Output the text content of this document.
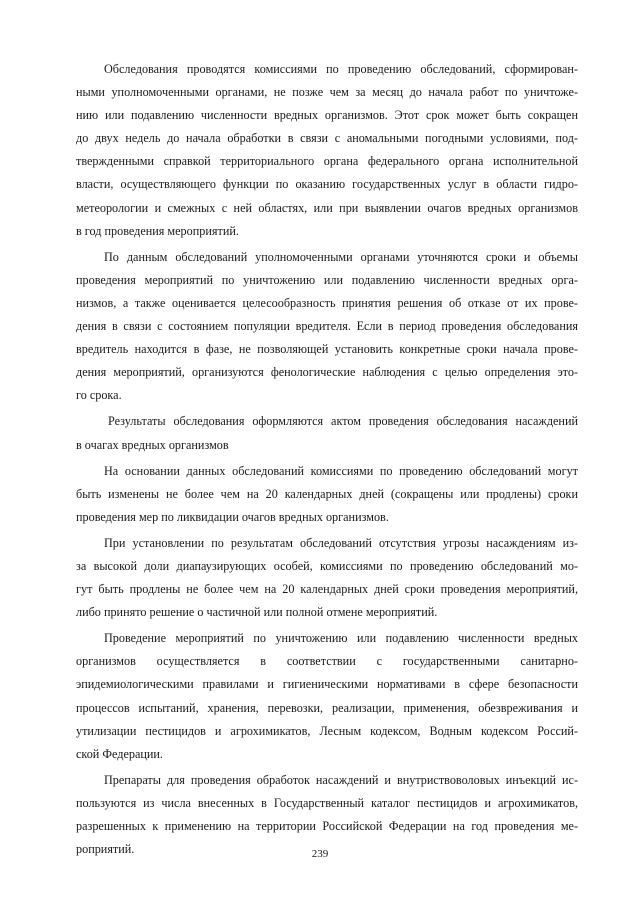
Обследования проводятся комиссиями по проведению обследований, сформирован-
ными уполномоченными органами, не позже чем за месяц до начала работ по уничтоже-
нию или подавлению численности вредных организмов. Этот срок может быть сокращен
до двух недель до начала обработки в связи с аномальными погодными условиями, под-
твержденными справкой территориального органа федерального органа исполнительной
власти, осуществляющего функции по оказанию государственных услуг в области гидро-
метеорологии и смежных с ней областях, или при выявлении очагов вредных организмов
в год проведения мероприятий.
По данным обследований уполномоченными органами уточняются сроки и объемы
проведения мероприятий по уничтожению или подавлению численности вредных орга-
низмов, а также оценивается целесообразность принятия решения об отказе от их прове-
дения в связи с состоянием популяции вредителя. Если в период проведения обследования
вредитель находится в фазе, не позволяющей установить конкретные сроки начала прове-
дения мероприятий, организуются фенологические наблюдения с целью определения это-
го срока.
Результаты обследования оформляются актом проведения обследования насаждений
в очагах вредных организмов
На основании данных обследований комиссиями по проведению обследований могут
быть изменены не более чем на 20 календарных дней (сокращены или продлены) сроки
проведения мер по ликвидации очагов вредных организмов.
При установлении по результатам обследований отсутствия угрозы насаждениям из-
за высокой доли диапаузирующих особей, комиссиями по проведению обследований мо-
гут быть продлены не более чем на 20 календарных дней сроки проведения мероприятий,
либо принято решение о частичной или полной отмене мероприятий.
Проведение мероприятий по уничтожению или подавлению численности вредных
организмов осуществляется в соответствии с государственными санитарно-
эпидемиологическими правилами и гигиеническими нормативами в сфере безопасности
процессов испытаний, хранения, перевозки, реализации, применения, обезвреживания и
утилизации пестицидов и агрохимикатов, Лесным кодексом, Водным кодексом Россий-
ской Федерации.
Препараты для проведения обработок насаждений и внутриствоволовых инъекций ис-
пользуются из числа внесенных в Государственный каталог пестицидов и агрохимикатов,
разрешенных к применению на территории Российской Федерации на год проведения ме-
роприятий.	239
